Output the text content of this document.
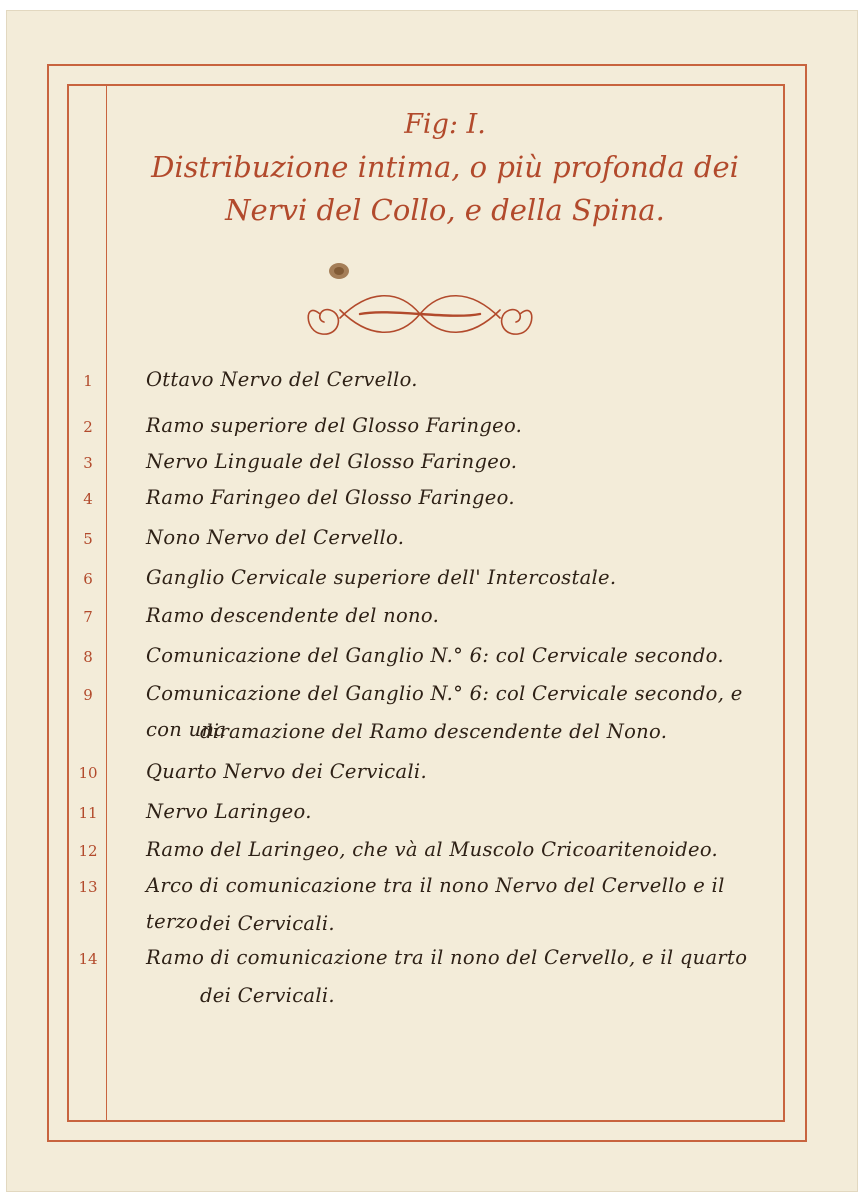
Fig: I.
Distribuzione intima, o più profonda dei Nervi del Collo, e della Spina.
1	Ottavo Nervo del Cervello.
2	Ramo superiore del Glosso Faringeo.
3	Nervo Linguale del Glosso Faringeo.
4	Ramo Faringeo del Glosso Faringeo.
5	Nono Nervo del Cervello.
6	Ganglio Cervicale superiore dell' Intercostale.
7	Ramo descendente del nono.
8	Comunicazione del Ganglio N.° 6: col Cervicale secondo.
9	Comunicazione del Ganglio N.° 6: col Cervicale secondo, e con una
diramazione del Ramo descendente del Nono.
10	Quarto Nervo dei Cervicali.
11	Nervo Laringeo.
12	Ramo del Laringeo, che và al Muscolo Cricoaritenoideo.
13	Arco di comunicazione tra il nono Nervo del Cervello e il terzo dei Cervicali.
14	Ramo di comunicazione tra il nono del Cervello, e il quarto
dei Cervicali.
